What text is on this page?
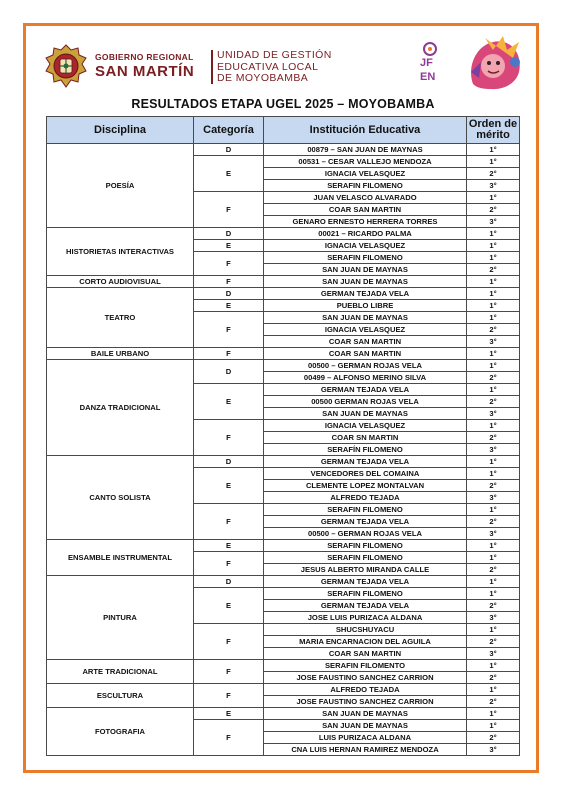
GOBIERNO REGIONAL
SAN MARTÍN
UNIDAD DE GESTIÓN
EDUCATIVA LOCAL
DE MOYOBAMBA
JF
EN
RESULTADOS ETAPA UGEL 2025 – MOYOBAMBA
Disciplina	Categoría	Institución Educativa	Orden de
mérito

POESÍA	D	00879 – SAN JUAN DE MAYNAS	1°
	E	00531 – CESAR VALLEJO MENDOZA	1°
		IGNACIA VELASQUEZ	2°
		SERAFIN FILOMENO	3°
	F	JUAN VELASCO ALVARADO	1°
		COAR SAN MARTIN	2°
		GENARO ERNESTO HERRERA TORRES	3°
HISTORIETAS INTERACTIVAS	D	00021 – RICARDO PALMA	1°
	E	IGNACIA VELASQUEZ	1°
	F	SERAFIN FILOMENO	1°
		SAN JUAN DE MAYNAS	2°
CORTO AUDIOVISUAL	F	SAN JUAN DE MAYNAS	1°
TEATRO	D	GERMAN TEJADA VELA	1°
	E	PUEBLO LIBRE	1°
	F	SAN JUAN DE MAYNAS	1°
		IGNACIA VELASQUEZ	2°
		COAR SAN MARTIN	3°
BAILE URBANO	F	COAR SAN MARTIN	1°
DANZA TRADICIONAL	D	00500 – GERMAN ROJAS VELA	1°
		00499 – ALFONSO MERINO SILVA	2°
	E	GERMAN TEJADA VELA	1°
		00500 GERMAN ROJAS VELA	2°
		SAN JUAN DE MAYNAS	3°
	F	IGNACIA VELASQUEZ	1°
		COAR SN MARTIN	2°
		SERAFÍN FILOMENO	3°
CANTO SOLISTA	D	GERMAN TEJADA VELA	1°
	E	VENCEDORES DEL COMAINA	1°
		CLEMENTE LOPEZ MONTALVAN	2°
		ALFREDO TEJADA	3°
	F	SERAFIN FILOMENO	1°
		GERMAN TEJADA VELA	2°
		00500 – GERMAN ROJAS VELA	3°
ENSAMBLE INSTRUMENTAL	E	SERAFIN FILOMENO	1°
	F	SERAFIN FILOMENO	1°
		JESUS ALBERTO MIRANDA CALLE	2°
PINTURA	D	GERMAN TEJADA VELA	1°
	E	SERAFIN FILOMENO	1°
		GERMAN TEJADA VELA	2°
		JOSE LUIS PURIZACA ALDANA	3°
	F	SHUCSHUYACU	1°
		MARIA ENCARNACION DEL AGUILA	2°
		COAR SAN MARTIN	3°
ARTE TRADICIONAL	F	SERAFIN FILOMENTO	1°
		JOSE FAUSTINO SANCHEZ CARRION	2°
ESCULTURA	F	ALFREDO TEJADA	1°
		JOSE FAUSTINO SANCHEZ CARRION	2°
FOTOGRAFIA	E	SAN JUAN DE MAYNAS	1°
	F	SAN JUAN DE MAYNAS	1°
		LUIS PURIZACA ALDANA	2°
		CNA LUIS HERNAN RAMIREZ MENDOZA	3°
